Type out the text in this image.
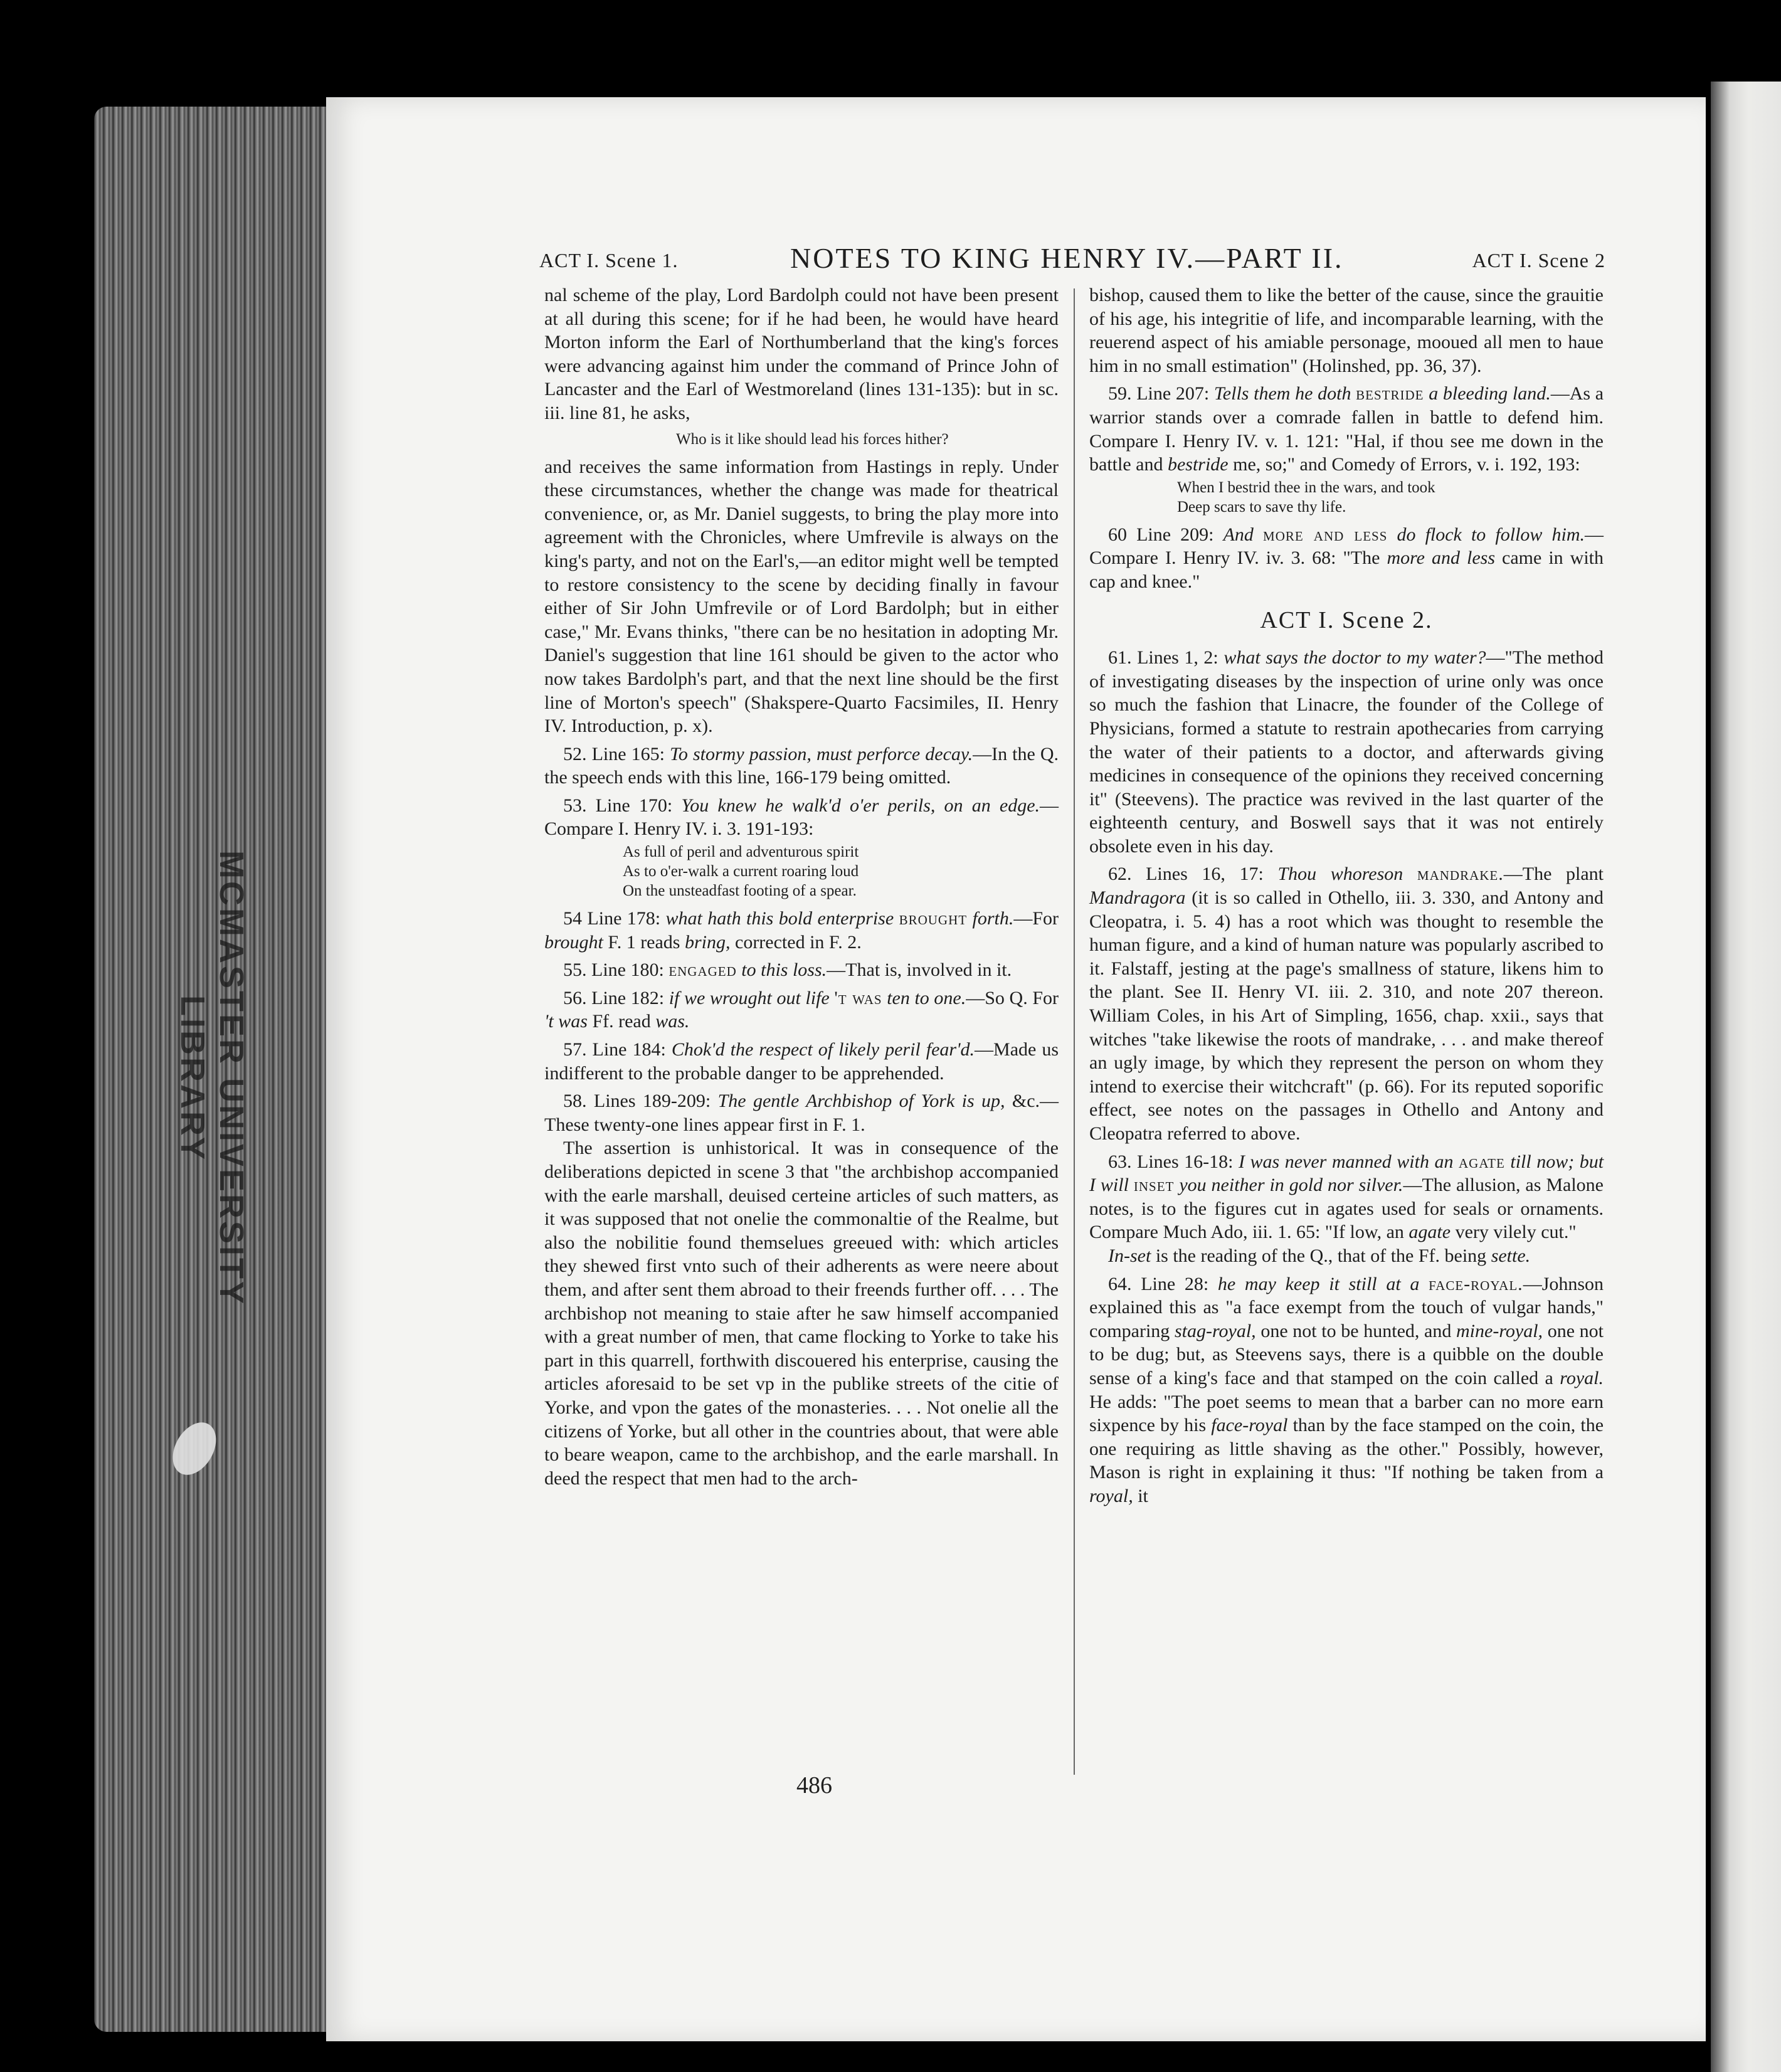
MCMASTER UNIVERSITY LIBRARY
ACT I. Scene 1.	NOTES TO KING HENRY IV.—PART II.	ACT I. Scene 2

nal scheme of the play, Lord Bardolph could not have been present at all during this scene; for if he had been, he would have heard Morton inform the Earl of Northumberland that the king's forces were advancing against him under the command of Prince John of Lancaster and the Earl of Westmoreland (lines 131-135): but in sc. iii. line 81, he asks,

Who is it like should lead his forces hither?

and receives the same information from Hastings in reply. Under these circumstances, whether the change was made for theatrical convenience, or, as Mr. Daniel suggests, to bring the play more into agreement with the Chronicles, where Umfrevile is always on the king's party, and not on the Earl's,—an editor might well be tempted to restore consistency to the scene by deciding finally in favour either of Sir John Umfrevile or of Lord Bardolph; but in either case," Mr. Evans thinks, "there can be no hesitation in adopting Mr. Daniel's suggestion that line 161 should be given to the actor who now takes Bardolph's part, and that the next line should be the first line of Morton's speech" (Shakspere-Quarto Facsimiles, II. Henry IV. Introduction, p. x).

52. Line 165: To stormy passion, must perforce decay.—In the Q. the speech ends with this line, 166-179 being omitted.

53. Line 170: You knew he walk'd o'er perils, on an edge.—Compare I. Henry IV. i. 3. 191-193:

As full of peril and adventurous spirit
As to o'er-walk a current roaring loud
On the unsteadfast footing of a spear.

54 Line 178: what hath this bold enterprise brought forth.—For brought F. 1 reads bring, corrected in F. 2.

55. Line 180: engaged to this loss.—That is, involved in it.

56. Line 182: if we wrought out life 't was ten to one.—So Q. For 't was Ff. read was.

57. Line 184: Chok'd the respect of likely peril fear'd.—Made us indifferent to the probable danger to be apprehended.

58. Lines 189-209: The gentle Archbishop of York is up, &c.—These twenty-one lines appear first in F. 1.

The assertion is unhistorical. It was in consequence of the deliberations depicted in scene 3 that "the archbishop accompanied with the earle marshall, deuised certeine articles of such matters, as it was supposed that not onelie the commonaltie of the Realme, but also the nobilitie found themselues greeued with: which articles they shewed first vnto such of their adherents as were neere about them, and after sent them abroad to their freends further off. . . . The archbishop not meaning to staie after he saw himself accompanied with a great number of men, that came flocking to Yorke to take his part in this quarrell, forthwith discouered his enterprise, causing the articles aforesaid to be set vp in the publike streets of the citie of Yorke, and vpon the gates of the monasteries. . . . Not onelie all the citizens of Yorke, but all other in the countries about, that were able to beare weapon, came to the archbishop, and the earle marshall. In deed the respect that men had to the arch-

bishop, caused them to like the better of the cause, since the grauitie of his age, his integritie of life, and incomparable learning, with the reuerend aspect of his amiable personage, mooued all men to haue him in no small estimation" (Holinshed, pp. 36, 37).

59. Line 207: Tells them he doth bestride a bleeding land.—As a warrior stands over a comrade fallen in battle to defend him. Compare I. Henry IV. v. 1. 121: "Hal, if thou see me down in the battle and bestride me, so;" and Comedy of Errors, v. i. 192, 193:

When I bestrid thee in the wars, and took
Deep scars to save thy life.

60 Line 209: And more and less do flock to follow him.—Compare I. Henry IV. iv. 3. 68: "The more and less came in with cap and knee."

ACT I. Scene 2.

61. Lines 1, 2: what says the doctor to my water?—"The method of investigating diseases by the inspection of urine only was once so much the fashion that Linacre, the founder of the College of Physicians, formed a statute to restrain apothecaries from carrying the water of their patients to a doctor, and afterwards giving medicines in consequence of the opinions they received concerning it" (Steevens). The practice was revived in the last quarter of the eighteenth century, and Boswell says that it was not entirely obsolete even in his day.

62. Lines 16, 17: Thou whoreson mandrake.—The plant Mandragora (it is so called in Othello, iii. 3. 330, and Antony and Cleopatra, i. 5. 4) has a root which was thought to resemble the human figure, and a kind of human nature was popularly ascribed to it. Falstaff, jesting at the page's smallness of stature, likens him to the plant. See II. Henry VI. iii. 2. 310, and note 207 thereon. William Coles, in his Art of Simpling, 1656, chap. xxii., says that witches "take likewise the roots of mandrake, . . . and make thereof an ugly image, by which they represent the person on whom they intend to exercise their witchcraft" (p. 66). For its reputed soporific effect, see notes on the passages in Othello and Antony and Cleopatra referred to above.

63. Lines 16-18: I was never manned with an agate till now; but I will inset you neither in gold nor silver.—The allusion, as Malone notes, is to the figures cut in agates used for seals or ornaments. Compare Much Ado, iii. 1. 65: "If low, an agate very vilely cut."

In-set is the reading of the Q., that of the Ff. being sette.

64. Line 28: he may keep it still at a face-royal.—Johnson explained this as "a face exempt from the touch of vulgar hands," comparing stag-royal, one not to be hunted, and mine-royal, one not to be dug; but, as Steevens says, there is a quibble on the double sense of a king's face and that stamped on the coin called a royal. He adds: "The poet seems to mean that a barber can no more earn sixpence by his face-royal than by the face stamped on the coin, the one requiring as little shaving as the other." Possibly, however, Mason is right in explaining it thus: "If nothing be taken from a royal, it

486
